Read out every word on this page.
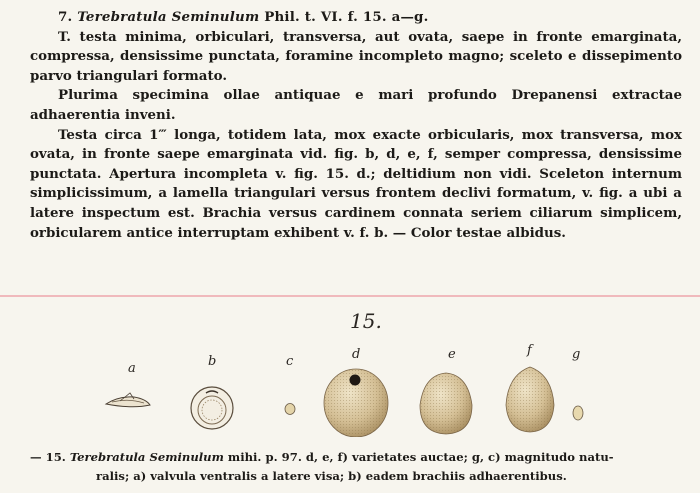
7. Terebratula Seminulum Phil. t. VI. f. 15. a—g.

T. testa minima, orbiculari, transversa, aut ovata, saepe in fronte emarginata, compressa, densissime punctata, foramine incompleto magno; sceleto e dissepimento parvo triangulari formato.

Plurima specimina ollae antiquae e mari profundo Drepanensi extractae adhaerentia inveni.

Testa circa 1‴ longa, totidem lata, mox exacte orbicularis, mox transversa, mox ovata, in fronte saepe emarginata vid. fig. b, d, e, f, semper compressa, densissime punctata. Apertura incompleta v. fig. 15. d.; deltidium non vidi. Sceleton internum simplicissimum, a lamella triangulari versus frontem declivi formatum, v. fig. a ubi a latere inspectum est. Brachia versus cardinem connata seriem ciliarum simplicem, orbicularem antice interruptam exhibent v. f. b. — Color testae albidus.

15.
a	b	c	d	e	f	g

— 15. Terebratula Seminulum mihi. p. 97. d, e, f) varietates auctae; g, c) magnitudo natu-

ralis; a) valvula ventralis a latere visa; b) eadem brachiis adhaerentibus.
